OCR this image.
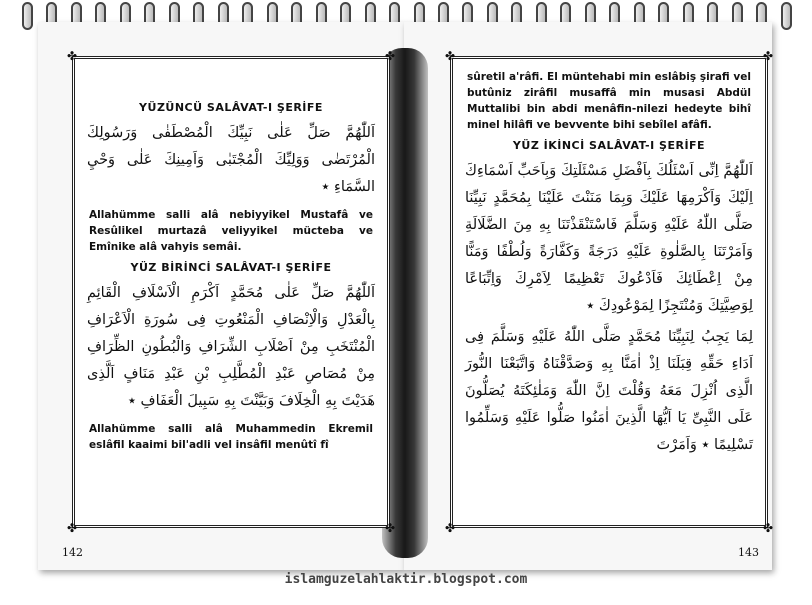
✤	✤
✤	✤
YÜZÜNCÜ SALÂVAT-I ŞERİFE
اَللّٰهُمَّ صَلِّ عَلٰى نَبِيِّكَ الْمُصْطَفٰى وَرَسُولِكَ الْمُرْتَضٰى وَوَلِيِّكَ الْمُجْتَبٰى وَاَمِينِكَ عَلٰى وَحْيِ السَّمَاءِ ٭
Allahümme salli alâ nebiyyikel Mustafâ ve Resûlikel murtazâ veliyyikel mücteba ve Emînike alâ vahyis semâi.
YÜZ BİRİNCİ SALÂVAT-I ŞERİFE
اَللّٰهُمَّ صَلِّ عَلٰى مُحَمَّدٍ اَكْرَمِ الْاَسْلَافِ الْقَائِمِ بِالْعَدْلِ وَالْاِنْصَافِ الْمَنْعُوتِ فِى سُورَةِ الْاَعْرَافِ الْمُنْتَخَبِ مِنْ اَصْلَابِ الشِّرَافِ وَالْبُطُونِ الظِّرَافِ مِنْ مُصَاصِ عَبْدِ الْمُطَّلِبِ بْنِ عَبْدِ مَنَافٍ اَلَّذِى هَدَيْتَ بِهِ الْخِلَافَ وَبَيَّنْتَ بِهِ سَبِيلَ الْعَفَافِ ٭
Allahümme salli alâ Muhammedin Ekremil eslâfil kaaimi bil'adli vel insâfil menûtî fî
✤	✤
✤	✤
sûretil a'râfi. El müntehabi min eslâbiş şirafi vel butûniz zirâfil musaffâ min musasi Abdül Muttalibi bin abdi menâfin-nilezi hedeyte bihî minel hilâfi ve bevvente bihi sebîlel afâfi.
YÜZ İKİNCİ SALÂVAT-I ŞERİFE
اَللّٰهُمَّ اِنِّى اَسْئَلُكَ بِاَفْضَلِ مَسْئَلَتِكَ وَبِاَحَبِّ اَسْمَاءِكَ اِلَيْكَ وَاَكْرَمِهَا عَلَيْكَ وَبِمَا مَنَنْتَ عَلَيْنَا بِمُحَمَّدٍ نَبِيِّنَا صَلَّى اللّٰهُ عَلَيْهِ وَسَلَّمَ فَاسْتَنْقَذْتَنَا بِهِ مِنَ الضَّلَالَةِ وَاَمَرْتَنَا بِالصَّلٰوةِ عَلَيْهِ دَرَجَةً وَكَفَّارَةً وَلُطْفًا وَمَنًّا مِنْ اِعْطَائِكَ فَاَدْعُوكَ تَعْظِيمًا لِاَمْرِكَ وَاِتِّبَاعًا لِوَصِيَّتِكَ وَمُنْتَجِزًا لِمَوْعُودِكَ ٭
لِمَا يَجِبُ لِنَبِيِّنَا مُحَمَّدٍ صَلَّى اللّٰهُ عَلَيْهِ وَسَلَّمَ فِى اَدَاءِ حَقِّهِ قِبَلَنَا اِذْ اٰمَنَّا بِهِ وَصَدَّقْنَاهُ وَاتَّبَعْنَا النُّورَ الَّذِى اُنْزِلَ مَعَهُ وَقُلْتَ اِنَّ اللّٰهَ وَمَلٰئِكَتَهُ يُصَلُّونَ عَلَى النَّبِىِّ يَا اَيُّهَا الَّذِينَ اٰمَنُوا صَلُّوا عَلَيْهِ وَسَلِّمُوا تَسْلِيمًا ٭ وَاَمَرْتَ
142	143
islamguzelahlaktir.blogspot.com
